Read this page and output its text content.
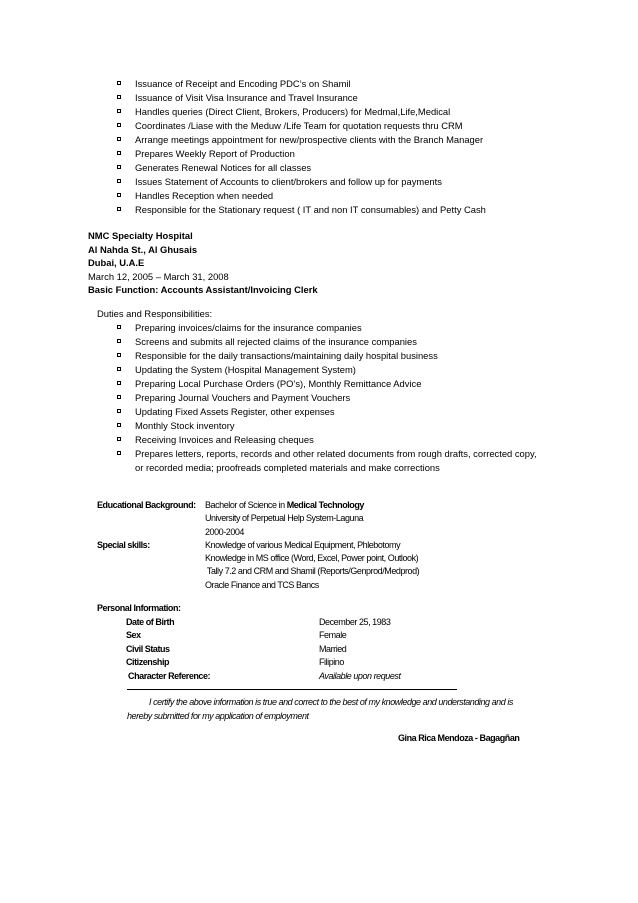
Issuance of Receipt and Encoding PDC’s on Shamil
Issuance of Visit Visa Insurance and Travel Insurance
Handles queries (Direct Client, Brokers, Producers) for Medmal,Life,Medical
Coordinates /Liase with the Meduw /Life Team for quotation requests thru CRM
Arrange meetings appointment for new/prospective clients with the Branch Manager
Prepares Weekly Report of Production
Generates Renewal Notices for all classes
Issues Statement of Accounts to client/brokers and follow up for payments
Handles Reception when needed
Responsible for the Stationary request ( IT and non IT consumables) and Petty Cash
NMC Specialty Hospital
Al Nahda St., Al Ghusais
Dubai, U.A.E
March 12, 2005 – March 31, 2008
Basic Function: Accounts Assistant/Invoicing Clerk
Duties and Responsibilities:
Preparing invoices/claims for the insurance companies
Screens and submits all rejected claims of the insurance companies
Responsible for the daily transactions/maintaining daily hospital business
Updating the System (Hospital Management System)
Preparing Local Purchase Orders (PO’s), Monthly Remittance Advice
Preparing Journal Vouchers and Payment Vouchers
Updating Fixed Assets Register, other expenses
Monthly Stock inventory
Receiving Invoices and Releasing cheques
Prepares letters, reports, records and other related documents from rough drafts, corrected copy, or recorded media; proofreads completed materials and make corrections
Educational Background: Bachelor of Science in Medical Technology
University of Perpetual Help System-Laguna
2000-2004
Special skills:	Knowledge of various Medical Equipment, Phlebotomy
Knowledge in MS office (Word, Excel, Power point, Outlook)
Tally 7.2 and CRM and Shamil (Reports/Genprod/Medprod)
Oracle Finance and TCS Bancs
Personal Information:
Date of Birth	December 25, 1983
Sex	Female
Civil Status	Married
Citizenship	Filipino
Character Reference:	Available upon request
I certify the above information is true and correct to the best of my knowledge and understanding and is
hereby submitted for my application of employment
Gina Rica Mendoza - Bagagñan
